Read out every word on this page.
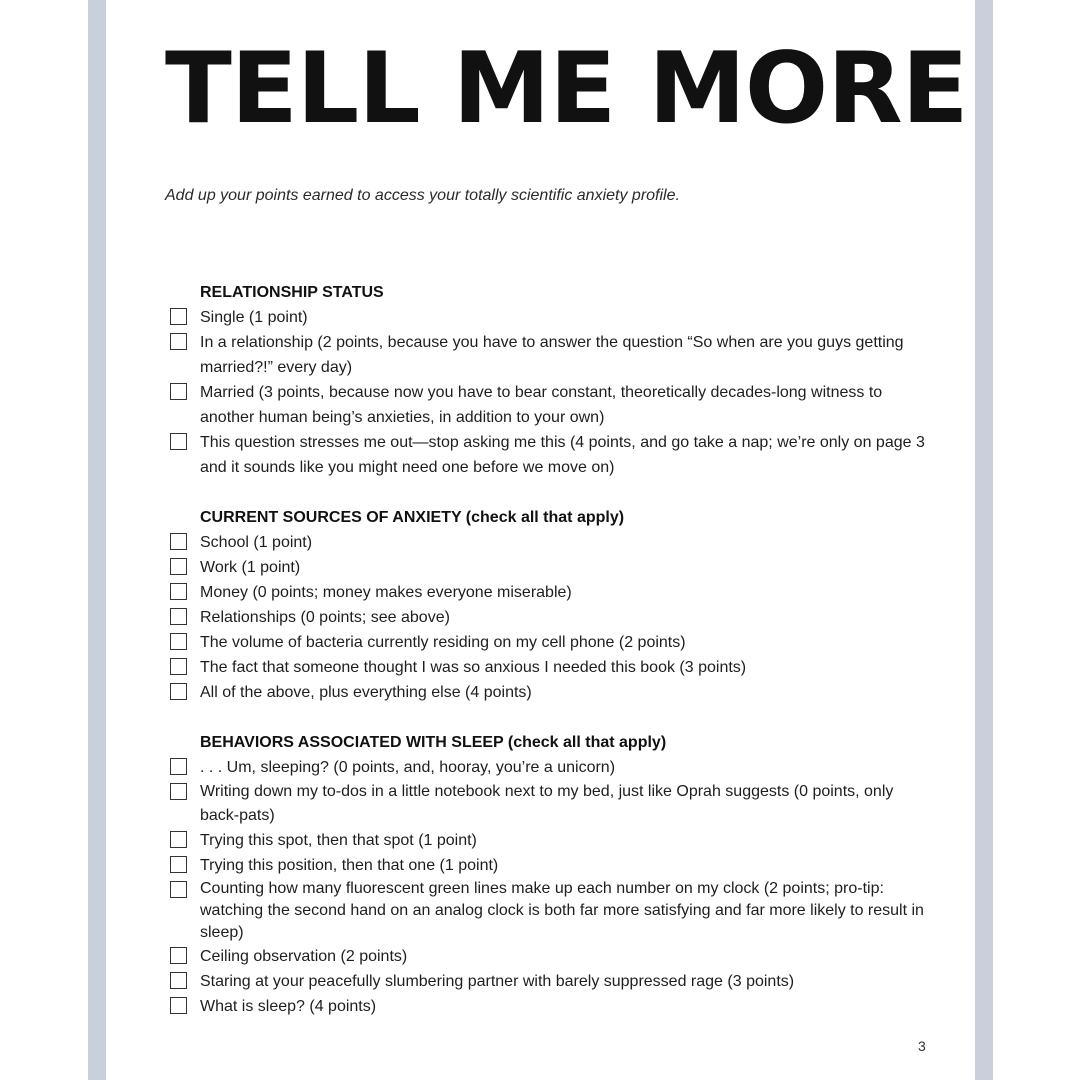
TELL ME MORE
Add up your points earned to access your totally scientific anxiety profile.
RELATIONSHIP STATUS
Single (1 point)
In a relationship (2 points, because you have to answer the question “So when are you guys getting married?!” every day)
Married (3 points, because now you have to bear constant, theoretically decades-long witness to another human being’s anxieties, in addition to your own)
This question stresses me out—stop asking me this (4 points, and go take a nap; we’re only on page 3 and it sounds like you might need one before we move on)
CURRENT SOURCES OF ANXIETY (check all that apply)
School (1 point)
Work (1 point)
Money (0 points; money makes everyone miserable)
Relationships (0 points; see above)
The volume of bacteria currently residing on my cell phone (2 points)
The fact that someone thought I was so anxious I needed this book (3 points)
All of the above, plus everything else (4 points)
BEHAVIORS ASSOCIATED WITH SLEEP (check all that apply)
. . . Um, sleeping? (0 points, and, hooray, you’re a unicorn)
Writing down my to-dos in a little notebook next to my bed, just like Oprah suggests (0 points, only back-pats)
Trying this spot, then that spot (1 point)
Trying this position, then that one (1 point)
Counting how many fluorescent green lines make up each number on my clock (2 points; pro-tip: watching the second hand on an analog clock is both far more satisfying and far more likely to result in sleep)
Ceiling observation (2 points)
Staring at your peacefully slumbering partner with barely suppressed rage (3 points)
What is sleep? (4 points)
3
